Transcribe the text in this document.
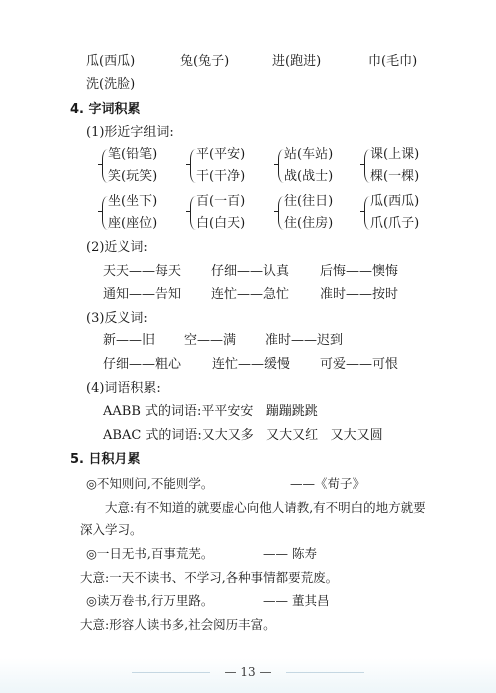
瓜(西瓜)	兔(兔子)	进(跑进)	巾(毛巾)
洗(洗脸)
4. 字词积累
(1)形近字组词:
笔(铅笔)
笑(玩笑)
平(平安)
干(干净)
站(车站)
战(战士)
课(上课)
棵(一棵)
坐(坐下)
座(座位)
百(一百)
白(白天)
往(往日)
住(住房)
瓜(西瓜)
爪(爪子)
(2)近义词:
天天——每天 仔细——认真 后悔——懊悔
通知——告知 连忙——急忙 准时——按时
(3)反义词:
新——旧 空——满 准时——迟到
仔细——粗心 连忙——缓慢 可爱——可恨
(4)词语积累:
AABB 式的词语:平平安安   蹦蹦跳跳
ABAC 式的词语:又大又多   又大又红   又大又圆
5. 日积月累
◎不知则问,不能则学。	——《荀子》
大意:有不知道的就要虚心向他人请教,有不明白的地方就要
深入学习。
◎一日无书,百事荒芜。	—— 陈寿
大意:一天不读书、不学习,各种事情都要荒废。
◎读万卷书,行万里路。	—— 董其昌
大意:形容人读书多,社会阅历丰富。
— 13 —
